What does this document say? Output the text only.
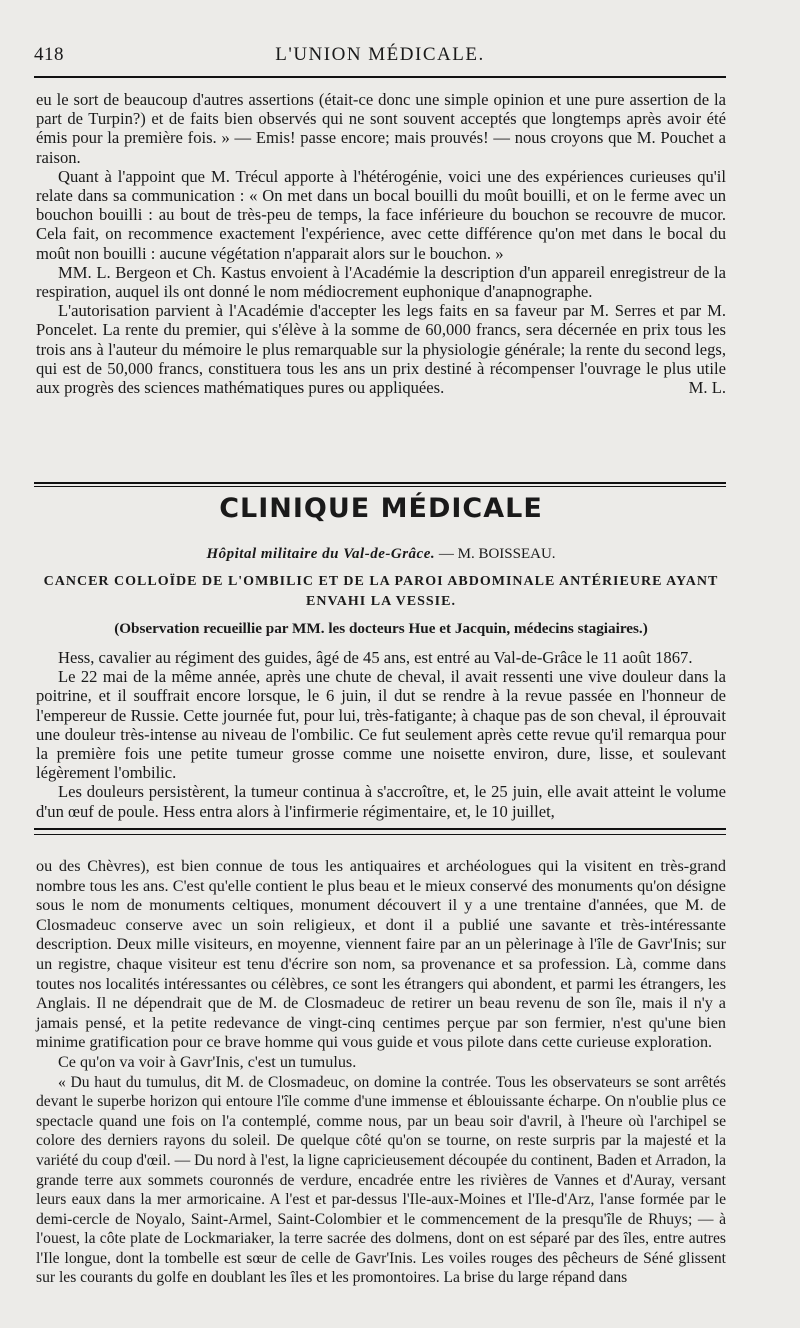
418	L'UNION MÉDICALE.

eu le sort de beaucoup d'autres assertions (était-ce donc une simple opinion et une pure assertion de la part de Turpin?) et de faits bien observés qui ne sont souvent acceptés que longtemps après avoir été émis pour la première fois. » — Emis! passe encore; mais prouvés! — nous croyons que M. Pouchet a raison.

Quant à l'appoint que M. Trécul apporte à l'hétérogénie, voici une des expériences curieuses qu'il relate dans sa communication : « On met dans un bocal bouilli du moût bouilli, et on le ferme avec un bouchon bouilli : au bout de très-peu de temps, la face inférieure du bouchon se recouvre de mucor. Cela fait, on recommence exactement l'expérience, avec cette différence qu'on met dans le bocal du moût non bouilli : aucune végétation n'apparait alors sur le bouchon. »

MM. L. Bergeon et Ch. Kastus envoient à l'Académie la description d'un appareil enregistreur de la respiration, auquel ils ont donné le nom médiocrement euphonique d'anapnographe.

L'autorisation parvient à l'Académie d'accepter les legs faits en sa faveur par M. Serres et par M. Poncelet. La rente du premier, qui s'élève à la somme de 60,000 francs, sera décernée en prix tous les trois ans à l'auteur du mémoire le plus remarquable sur la physiologie générale; la rente du second legs, qui est de 50,000 francs, constituera tous les ans un prix destiné à récompenser l'ouvrage le plus utile aux progrès des sciences mathématiques pures ou appliquées.	M. L.

CLINIQUE MÉDICALE
Hôpital militaire du Val-de-Grâce. — M. BOISSEAU.
CANCER COLLOÏDE DE L'OMBILIC ET DE LA PAROI ABDOMINALE ANTÉRIEURE AYANT ENVAHI LA VESSIE.
(Observation recueillie par MM. les docteurs Hue et Jacquin, médecins stagiaires.)

Hess, cavalier au régiment des guides, âgé de 45 ans, est entré au Val-de-Grâce le 11 août 1867.

Le 22 mai de la même année, après une chute de cheval, il avait ressenti une vive douleur dans la poitrine, et il souffrait encore lorsque, le 6 juin, il dut se rendre à la revue passée en l'honneur de l'empereur de Russie. Cette journée fut, pour lui, très-fatigante; à chaque pas de son cheval, il éprouvait une douleur très-intense au niveau de l'ombilic. Ce fut seulement après cette revue qu'il remarqua pour la première fois une petite tumeur grosse comme une noisette environ, dure, lisse, et soulevant légèrement l'ombilic.

Les douleurs persistèrent, la tumeur continua à s'accroître, et, le 25 juin, elle avait atteint le volume d'un œuf de poule. Hess entra alors à l'infirmerie régimentaire, et, le 10 juillet,

ou des Chèvres), est bien connue de tous les antiquaires et archéologues qui la visitent en très-grand nombre tous les ans. C'est qu'elle contient le plus beau et le mieux conservé des monuments qu'on désigne sous le nom de monuments celtiques, monument découvert il y a une trentaine d'années, que M. de Closmadeuc conserve avec un soin religieux, et dont il a publié une savante et très-intéressante description. Deux mille visiteurs, en moyenne, viennent faire par an un pèlerinage à l'île de Gavr'Inis; sur un registre, chaque visiteur est tenu d'écrire son nom, sa provenance et sa profession. Là, comme dans toutes nos localités intéressantes ou célèbres, ce sont les étrangers qui abondent, et parmi les étrangers, les Anglais. Il ne dépendrait que de M. de Closmadeuc de retirer un beau revenu de son île, mais il n'y a jamais pensé, et la petite redevance de vingt-cinq centimes perçue par son fermier, n'est qu'une bien minime gratification pour ce brave homme qui vous guide et vous pilote dans cette curieuse exploration.

Ce qu'on va voir à Gavr'Inis, c'est un tumulus.

« Du haut du tumulus, dit M. de Closmadeuc, on domine la contrée. Tous les observateurs se sont arrêtés devant le superbe horizon qui entoure l'île comme d'une immense et éblouissante écharpe. On n'oublie plus ce spectacle quand une fois on l'a contemplé, comme nous, par un beau soir d'avril, à l'heure où l'archipel se colore des derniers rayons du soleil. De quelque côté qu'on se tourne, on reste surpris par la majesté et la variété du coup d'œil. — Du nord à l'est, la ligne capricieusement découpée du continent, Baden et Arradon, la grande terre aux sommets couronnés de verdure, encadrée entre les rivières de Vannes et d'Auray, versant leurs eaux dans la mer armoricaine. A l'est et par-dessus l'Ile-aux-Moines et l'Ile-d'Arz, l'anse formée par le demi-cercle de Noyalo, Saint-Armel, Saint-Colombier et le commencement de la presqu'île de Rhuys; — à l'ouest, la côte plate de Lockmariaker, la terre sacrée des dolmens, dont on est séparé par des îles, entre autres l'Ile longue, dont la tombelle est sœur de celle de Gavr'Inis. Les voiles rouges des pêcheurs de Séné glissent sur les courants du golfe en doublant les îles et les promontoires. La brise du large répand dans
